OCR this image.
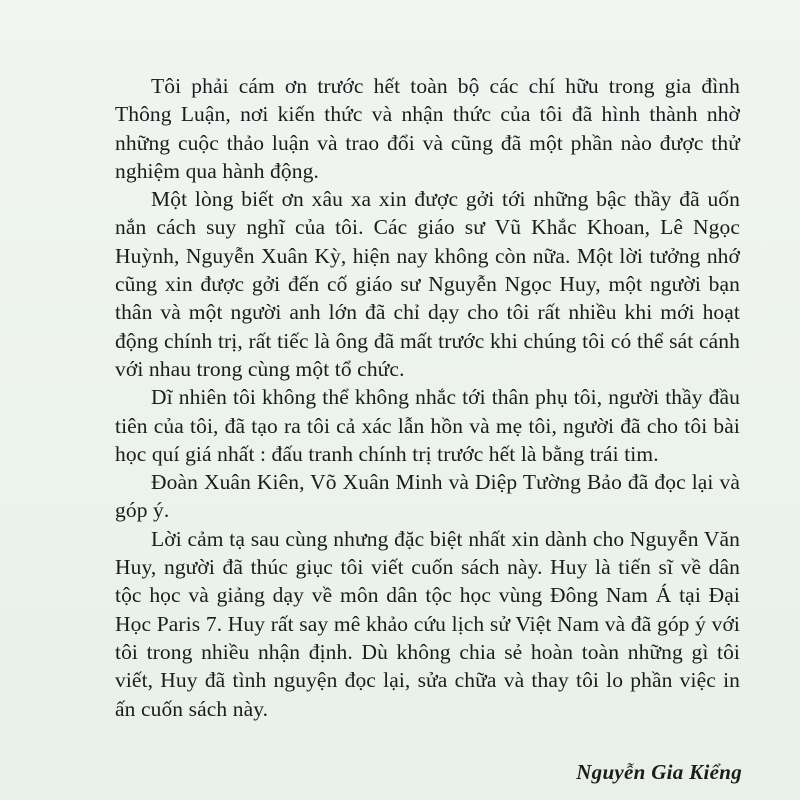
Tôi phải cám ơn trước hết toàn bộ các chí hữu trong gia đình Thông Luận, nơi kiến thức và nhận thức của tôi đã hình thành nhờ những cuộc thảo luận và trao đổi và cũng đã một phần nào được thử nghiệm qua hành động.

Một lòng biết ơn xâu xa xin được gởi tới những bậc thầy đã uốn nắn cách suy nghĩ của tôi. Các giáo sư Vũ Khắc Khoan, Lê Ngọc Huỳnh, Nguyễn Xuân Kỳ, hiện nay không còn nữa. Một lời tưởng nhớ cũng xin được gởi đến cố giáo sư Nguyễn Ngọc Huy, một người bạn thân và một người anh lớn đã chỉ dạy cho tôi rất nhiều khi mới hoạt động chính trị, rất tiếc là ông đã mất trước khi chúng tôi có thể sát cánh với nhau trong cùng một tổ chức.

Dĩ nhiên tôi không thể không nhắc tới thân phụ tôi, người thầy đầu tiên của tôi, đã tạo ra tôi cả xác lẫn hồn và mẹ tôi, người đã cho tôi bài học quí giá nhất : đấu tranh chính trị trước hết là bằng trái tim.

Đoàn Xuân Kiên, Võ Xuân Minh và Diệp Tường Bảo đã đọc lại và góp ý.

Lời cảm tạ sau cùng nhưng đặc biệt nhất xin dành cho Nguyễn Văn Huy, người đã thúc giục tôi viết cuốn sách này. Huy là tiến sĩ về dân tộc học và giảng dạy về môn dân tộc học vùng Đông Nam Á tại Đại Học Paris 7. Huy rất say mê khảo cứu lịch sử Việt Nam và đã góp ý với tôi trong nhiều nhận định. Dù không chia sẻ hoàn toàn những gì tôi viết, Huy đã tình nguyện đọc lại, sửa chữa và thay tôi lo phần việc in ấn cuốn sách này.

Nguyễn Gia Kiểng
